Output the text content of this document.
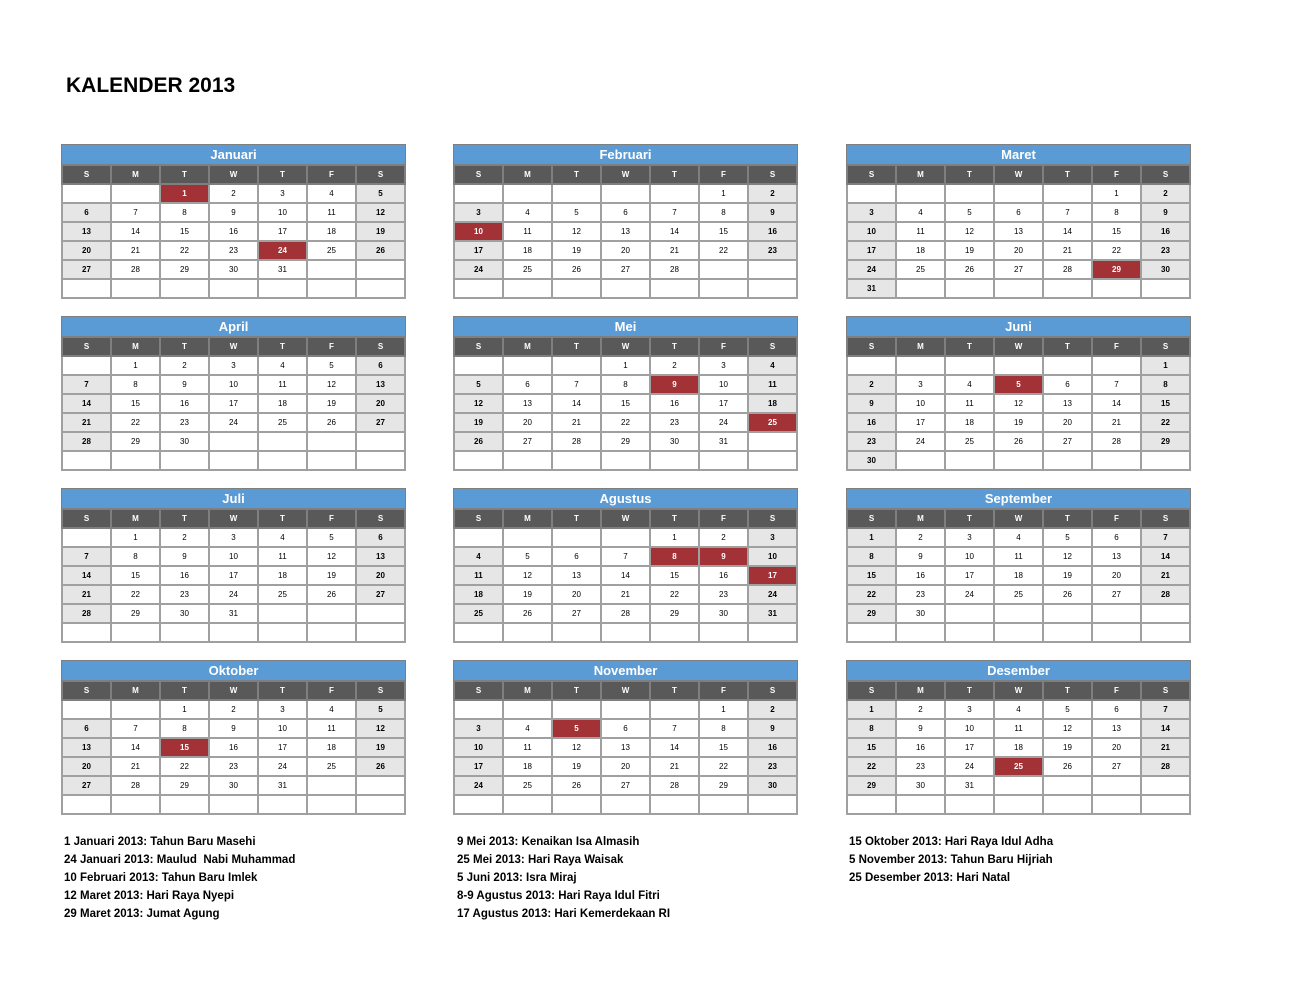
KALENDER 2013
Januari
S	M	T	W	T	F	S
		1	2	3	4	5
6	7	8	9	10	11	12
13	14	15	16	17	18	19
20	21	22	23	24	25	26
27	28	29	30	31		

Februari
S	M	T	W	T	F	S
					1	2
3	4	5	6	7	8	9
10	11	12	13	14	15	16
17	18	19	20	21	22	23
24	25	26	27	28		

Maret
S	M	T	W	T	F	S
					1	2
3	4	5	6	7	8	9
10	11	12	13	14	15	16
17	18	19	20	21	22	23
24	25	26	27	28	29	30
31						
April
S	M	T	W	T	F	S
	1	2	3	4	5	6
7	8	9	10	11	12	13
14	15	16	17	18	19	20
21	22	23	24	25	26	27
28	29	30				

Mei
S	M	T	W	T	F	S
			1	2	3	4
5	6	7	8	9	10	11
12	13	14	15	16	17	18
19	20	21	22	23	24	25
26	27	28	29	30	31	

Juni
S	M	T	W	T	F	S
						1
2	3	4	5	6	7	8
9	10	11	12	13	14	15
16	17	18	19	20	21	22
23	24	25	26	27	28	29
30						
Juli
S	M	T	W	T	F	S
	1	2	3	4	5	6
7	8	9	10	11	12	13
14	15	16	17	18	19	20
21	22	23	24	25	26	27
28	29	30	31			

Agustus
S	M	T	W	T	F	S
				1	2	3
4	5	6	7	8	9	10
11	12	13	14	15	16	17
18	19	20	21	22	23	24
25	26	27	28	29	30	31

September
S	M	T	W	T	F	S
1	2	3	4	5	6	7
8	9	10	11	12	13	14
15	16	17	18	19	20	21
22	23	24	25	26	27	28
29	30					

Oktober
S	M	T	W	T	F	S
		1	2	3	4	5
6	7	8	9	10	11	12
13	14	15	16	17	18	19
20	21	22	23	24	25	26
27	28	29	30	31		

November
S	M	T	W	T	F	S
					1	2
3	4	5	6	7	8	9
10	11	12	13	14	15	16
17	18	19	20	21	22	23
24	25	26	27	28	29	30

Desember
S	M	T	W	T	F	S
1	2	3	4	5	6	7
8	9	10	11	12	13	14
15	16	17	18	19	20	21
22	23	24	25	26	27	28
29	30	31				

1 Januari 2013: Tahun Baru Masehi
24 Januari 2013: Maulud  Nabi Muhammad
10 Februari 2013: Tahun Baru Imlek
12 Maret 2013: Hari Raya Nyepi
29 Maret 2013: Jumat Agung
9 Mei 2013: Kenaikan Isa Almasih
25 Mei 2013: Hari Raya Waisak
5 Juni 2013: Isra Miraj
8-9 Agustus 2013: Hari Raya Idul Fitri
17 Agustus 2013: Hari Kemerdekaan RI
15 Oktober 2013: Hari Raya Idul Adha
5 November 2013: Tahun Baru Hijriah
25 Desember 2013: Hari Natal
